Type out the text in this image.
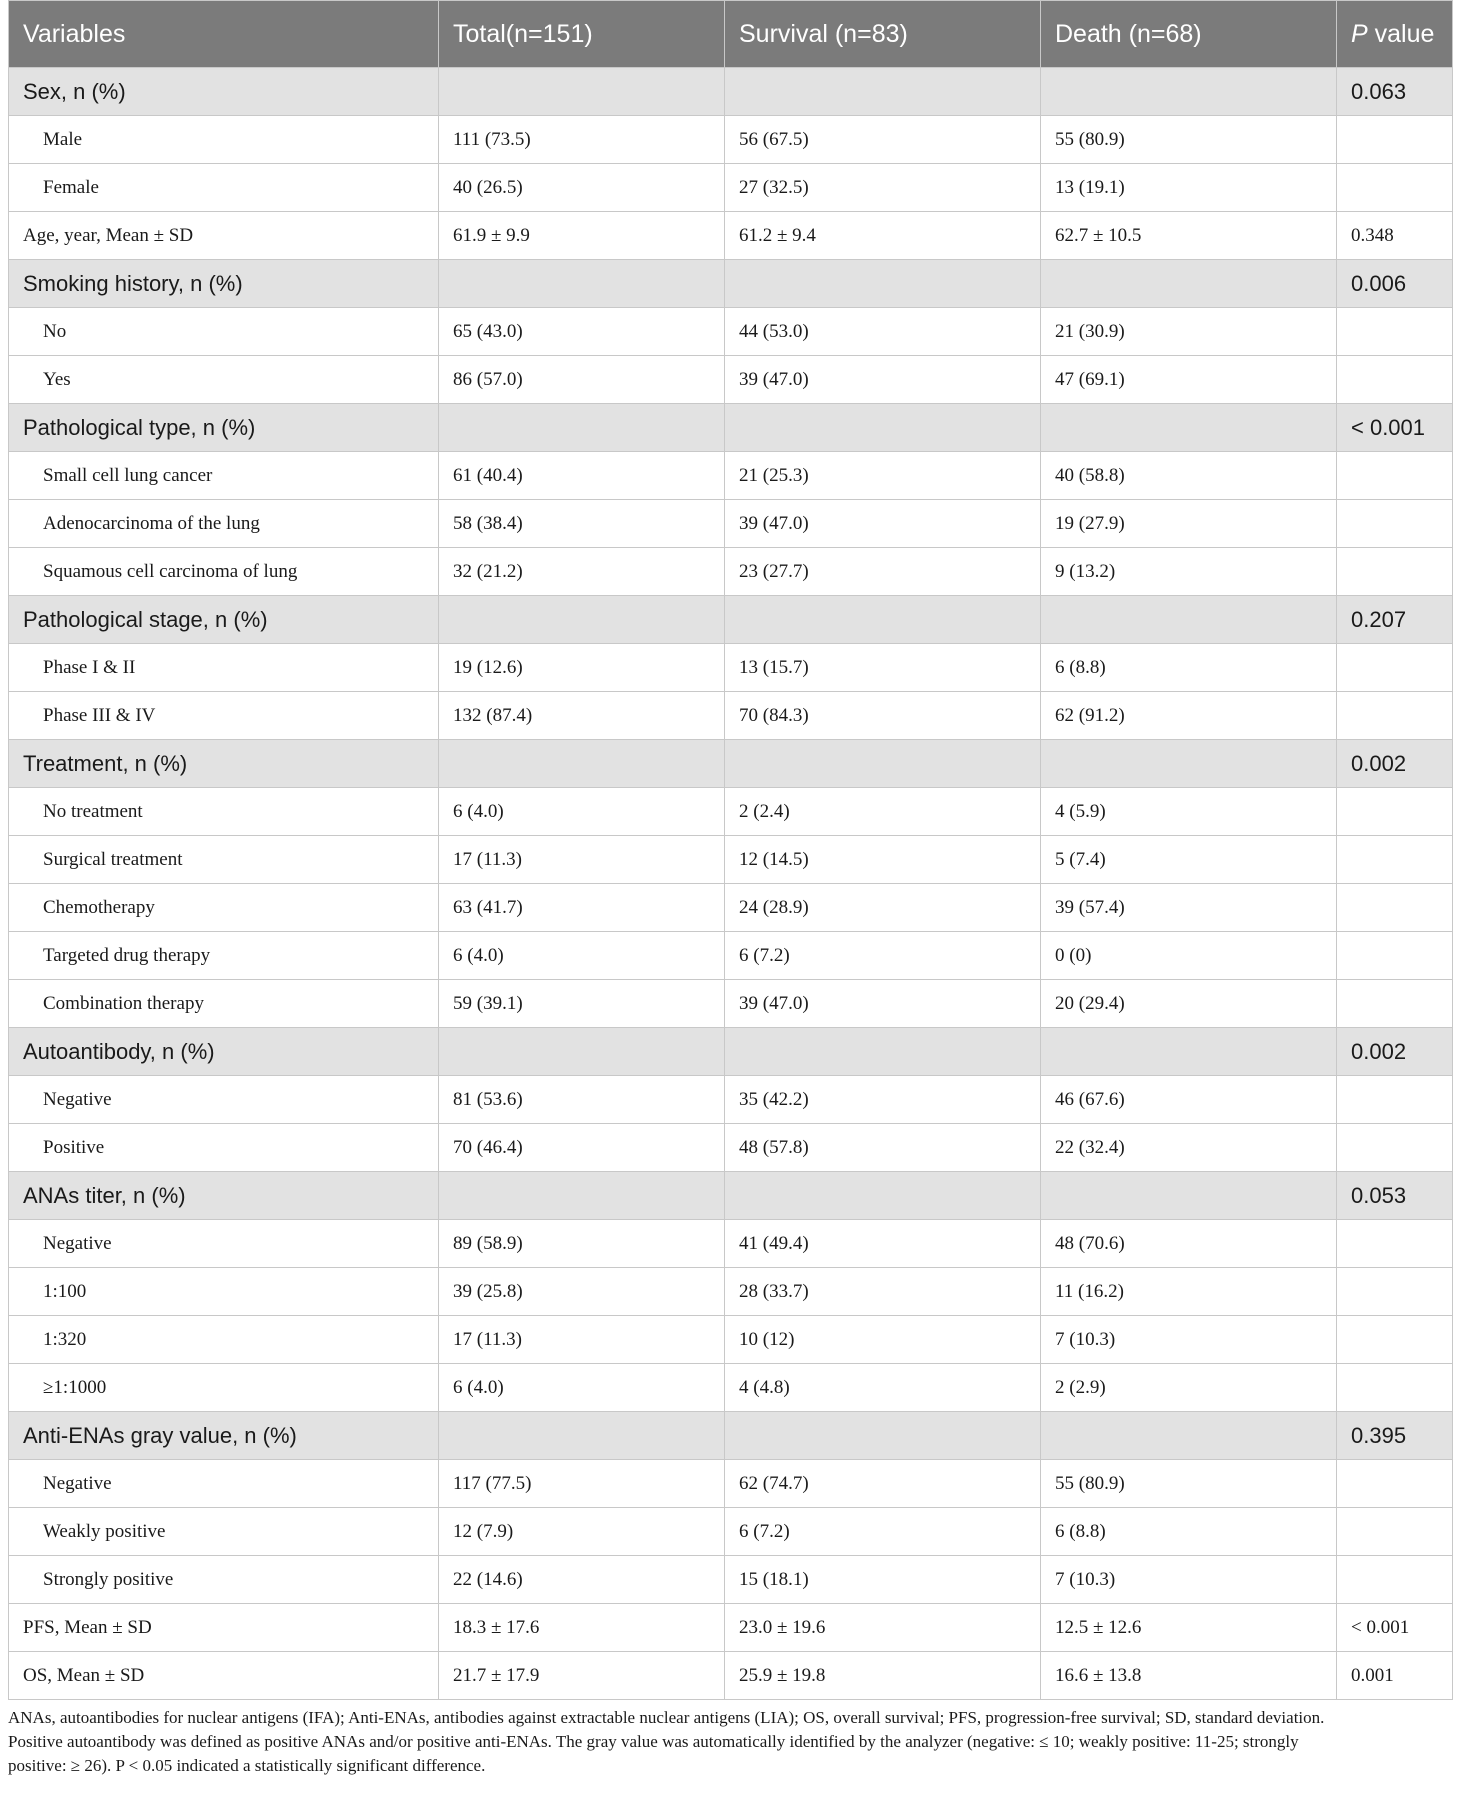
Variables	Total(n=151)	Survival (n=83)	Death (n=68)	P value
Sex, n (%)				0.063
Male	111 (73.5)	56 (67.5)	55 (80.9)	
Female	40 (26.5)	27 (32.5)	13 (19.1)	
Age, year, Mean ± SD	61.9 ± 9.9	61.2 ± 9.4	62.7 ± 10.5	0.348
Smoking history, n (%)				0.006
No	65 (43.0)	44 (53.0)	21 (30.9)	
Yes	86 (57.0)	39 (47.0)	47 (69.1)	
Pathological type, n (%)				< 0.001
Small cell lung cancer	61 (40.4)	21 (25.3)	40 (58.8)	
Adenocarcinoma of the lung	58 (38.4)	39 (47.0)	19 (27.9)	
Squamous cell carcinoma of lung	32 (21.2)	23 (27.7)	9 (13.2)	
Pathological stage, n (%)				0.207
Phase I & II	19 (12.6)	13 (15.7)	6 (8.8)	
Phase III & IV	132 (87.4)	70 (84.3)	62 (91.2)	
Treatment, n (%)				0.002
No treatment	6 (4.0)	2 (2.4)	4 (5.9)	
Surgical treatment	17 (11.3)	12 (14.5)	5 (7.4)	
Chemotherapy	63 (41.7)	24 (28.9)	39 (57.4)	
Targeted drug therapy	6 (4.0)	6 (7.2)	0 (0)	
Combination therapy	59 (39.1)	39 (47.0)	20 (29.4)	
Autoantibody, n (%)				0.002
Negative	81 (53.6)	35 (42.2)	46 (67.6)	
Positive	70 (46.4)	48 (57.8)	22 (32.4)	
ANAs titer, n (%)				0.053
Negative	89 (58.9)	41 (49.4)	48 (70.6)	
1:100	39 (25.8)	28 (33.7)	11 (16.2)	
1:320	17 (11.3)	10 (12)	7 (10.3)	
≥1:1000	6 (4.0)	4 (4.8)	2 (2.9)	
Anti-ENAs gray value, n (%)				0.395
Negative	117 (77.5)	62 (74.7)	55 (80.9)	
Weakly positive	12 (7.9)	6 (7.2)	6 (8.8)	
Strongly positive	22 (14.6)	15 (18.1)	7 (10.3)	
PFS, Mean ± SD	18.3 ± 17.6	23.0 ± 19.6	12.5 ± 12.6	< 0.001
OS, Mean ± SD	21.7 ± 17.9	25.9 ± 19.8	16.6 ± 13.8	0.001

ANAs, autoantibodies for nuclear antigens (IFA); Anti-ENAs, antibodies against extractable nuclear antigens (LIA); OS, overall survival; PFS, progression-free survival; SD, standard deviation.

Positive autoantibody was defined as positive ANAs and/or positive anti-ENAs. The gray value was automatically identified by the analyzer (negative: ≤ 10; weakly positive: 11-25; strongly

positive: ≥ 26). P < 0.05 indicated a statistically significant difference.
